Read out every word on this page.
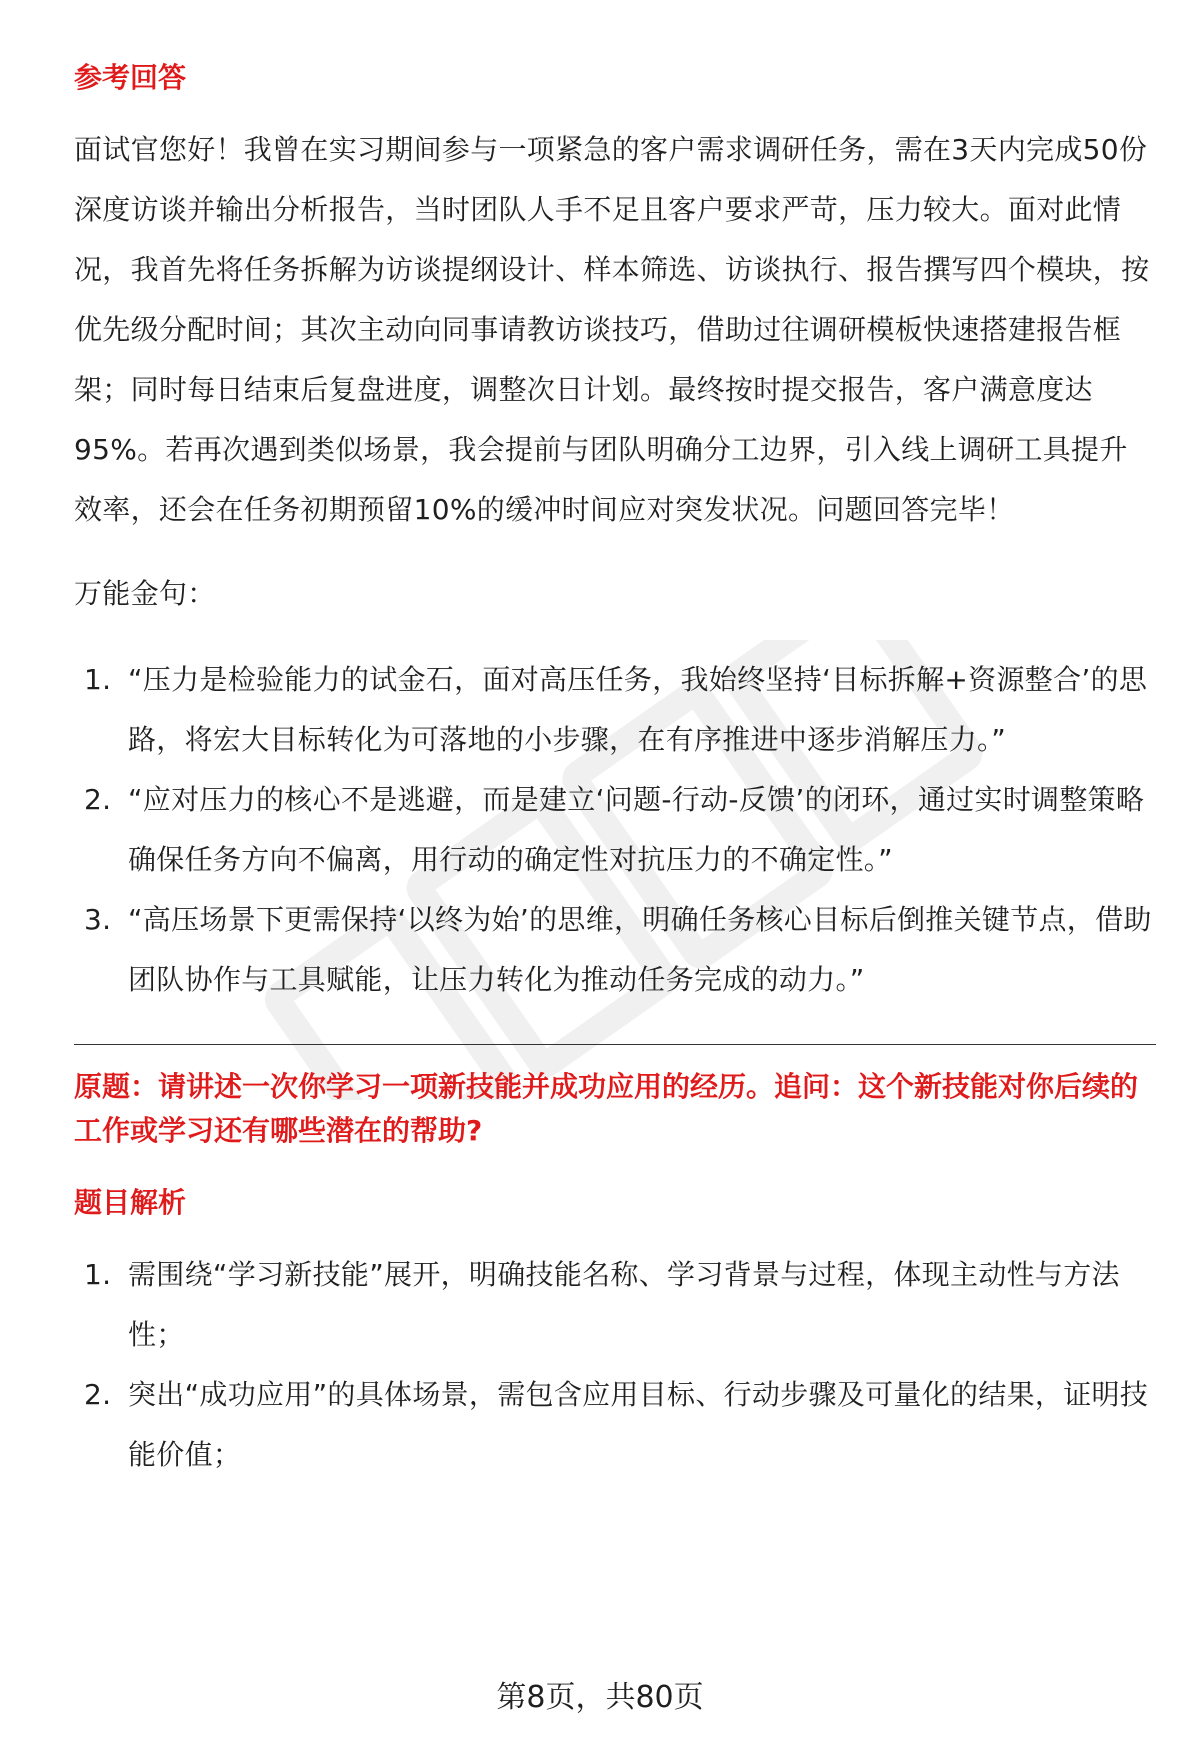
参考回答

面试官您好！我曾在实习期间参与一项紧急的客户需求调研任务，需在3天内完成50份深度访谈并输出分析报告，当时团队人手不足且客户要求严苛，压力较大。面对此情况，我首先将任务拆解为访谈提纲设计、样本筛选、访谈执行、报告撰写四个模块，按优先级分配时间；其次主动向同事请教访谈技巧，借助过往调研模板快速搭建报告框架；同时每日结束后复盘进度，调整次日计划。最终按时提交报告，客户满意度达95%。若再次遇到类似场景，我会提前与团队明确分工边界，引入线上调研工具提升效率，还会在任务初期预留10%的缓冲时间应对突发状况。问题回答完毕！

万能金句：

1. “压力是检验能力的试金石，面对高压任务，我始终坚持‘目标拆解+资源整合’的思路，将宏大目标转化为可落地的小步骤，在有序推进中逐步消解压力。”
2. “应对压力的核心不是逃避，而是建立‘问题-行动-反馈’的闭环，通过实时调整策略确保任务方向不偏离，用行动的确定性对抗压力的不确定性。”
3. “高压场景下更需保持‘以终为始’的思维，明确任务核心目标后倒推关键节点，借助团队协作与工具赋能，让压力转化为推动任务完成的动力。”
原题：请讲述一次你学习一项新技能并成功应用的经历。追问：这个新技能对你后续的工作或学习还有哪些潜在的帮助?
题目解析
1. 需围绕“学习新技能”展开，明确技能名称、学习背景与过程，体现主动性与方法性；
2. 突出“成功应用”的具体场景，需包含应用目标、行动步骤及可量化的结果，证明技能价值；
第8页，共80页
